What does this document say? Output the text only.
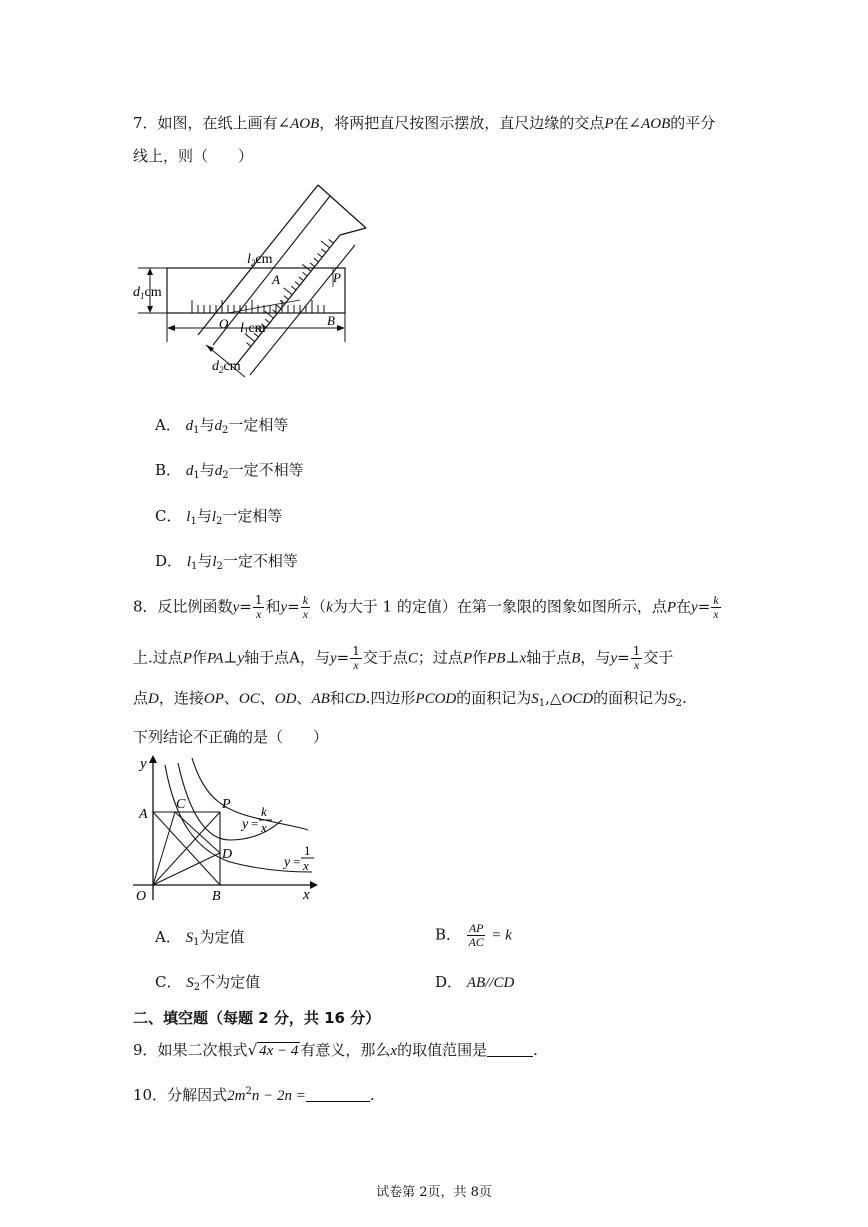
7．如图，在纸上画有∠AOB，将两把直尺按图示摆放，直尺边缘的交点P在∠AOB的平分
线上，则（　　）
$l_2cm$
$d_1cm$
$l_1cm$
$d_2cm$
A	P
O	B
A． $d_1$与$d_2$一定相等
B． $d_1$与$d_2$一定不相等
C． $l_1$与$l_2$一定相等
D． $l_1$与$l_2$一定不相等
8．反比例函数$y= \frac{1}{x}$ 和$y= \frac{k}{x} (k$为大于 1 的定值）在第一象限的图象如图所示，点P在$y= \frac{k}{x}$
上.过点P作PA⊥y轴于点A，与$y= \frac{1}{x}$ 交于点C；过点P作PB⊥x轴于点B，与$y= \frac{1}{x}$ 交于
点D，连接OP、OC、OD、AB和CD.四边形PCOD的面积记为$S_1,\triangle OCD$的面积记为$S_2$.
下列结论不正确的是（　　）
y
x
A
C	P
D
O	B
y =
k
x
y =
1
x
A． $S_1$为定值	B． $\frac{AP}{AC} = k$
C． $S_2$不为定值	D． AB//CD
二、填空题（每题 2 分，共 16 分）
9．如果二次根式√ 4x − 4 有意义，那么x的取值范围是	.
10．分解因式$2m^2n - 2n$ =	.
试卷第 2页，共 8页
